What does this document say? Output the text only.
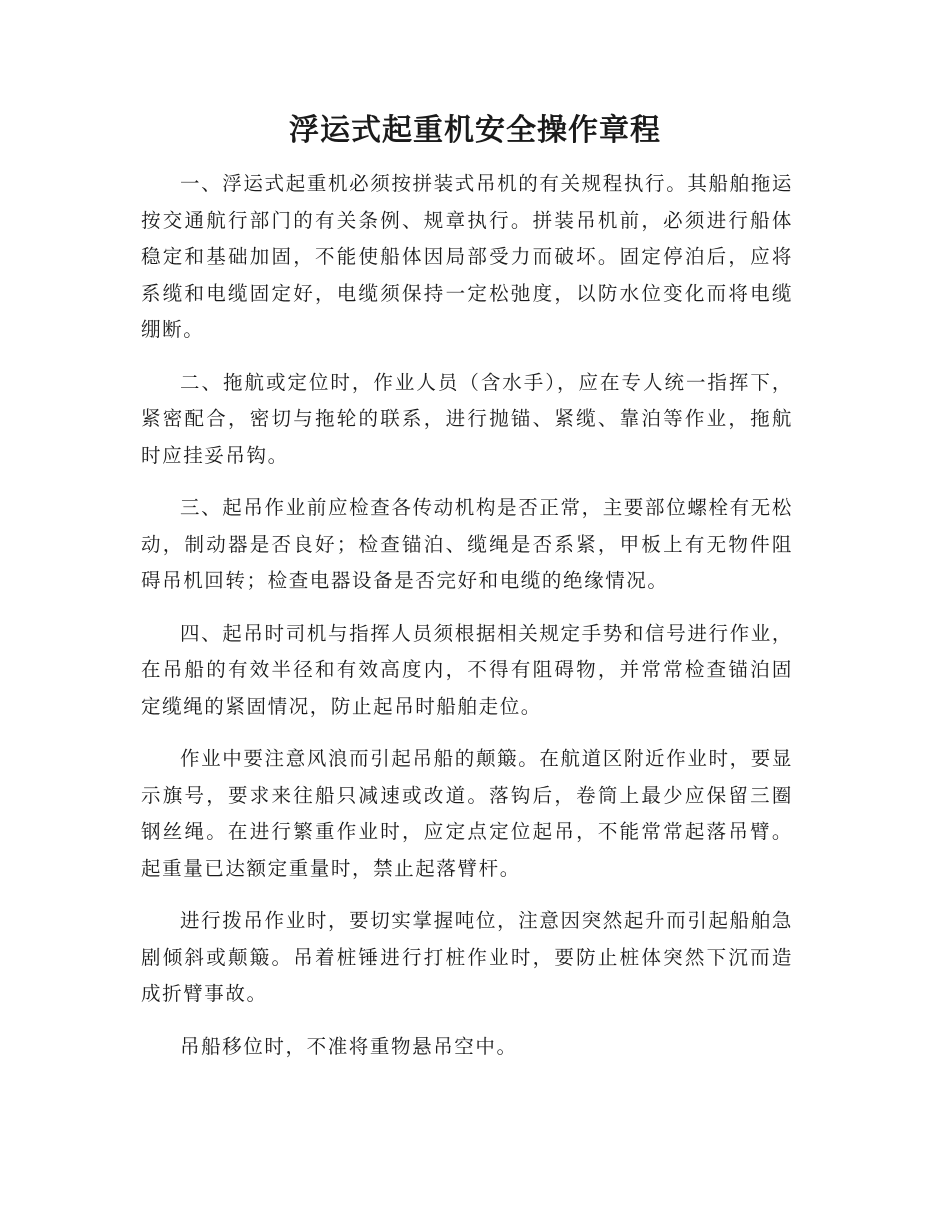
浮运式起重机安全操作章程

一、浮运式起重机必须按拼装式吊机的有关规程执行。其船舶拖运按交通航行部门的有关条例、规章执行。拼装吊机前，必须进行船体稳定和基础加固，不能使船体因局部受力而破坏。固定停泊后，应将系缆和电缆固定好，电缆须保持一定松弛度，以防水位变化而将电缆绷断。

二、拖航或定位时，作业人员（含水手），应在专人统一指挥下，紧密配合，密切与拖轮的联系，进行抛锚、紧缆、靠泊等作业，拖航时应挂妥吊钩。

三、起吊作业前应检查各传动机构是否正常，主要部位螺栓有无松动，制动器是否良好；检查锚泊、缆绳是否系紧，甲板上有无物件阻碍吊机回转；检查电器设备是否完好和电缆的绝缘情况。

四、起吊时司机与指挥人员须根据相关规定手势和信号进行作业，在吊船的有效半径和有效高度内，不得有阻碍物，并常常检查锚泊固定缆绳的紧固情况，防止起吊时船舶走位。

作业中要注意风浪而引起吊船的颠簸。在航道区附近作业时，要显示旗号，要求来往船只减速或改道。落钩后，卷筒上最少应保留三圈钢丝绳。在进行繁重作业时，应定点定位起吊，不能常常起落吊臂。起重量已达额定重量时，禁止起落臂杆。

进行拨吊作业时，要切实掌握吨位，注意因突然起升而引起船舶急剧倾斜或颠簸。吊着桩锤进行打桩作业时，要防止桩体突然下沉而造成折臂事故。

吊船移位时，不准将重物悬吊空中。
